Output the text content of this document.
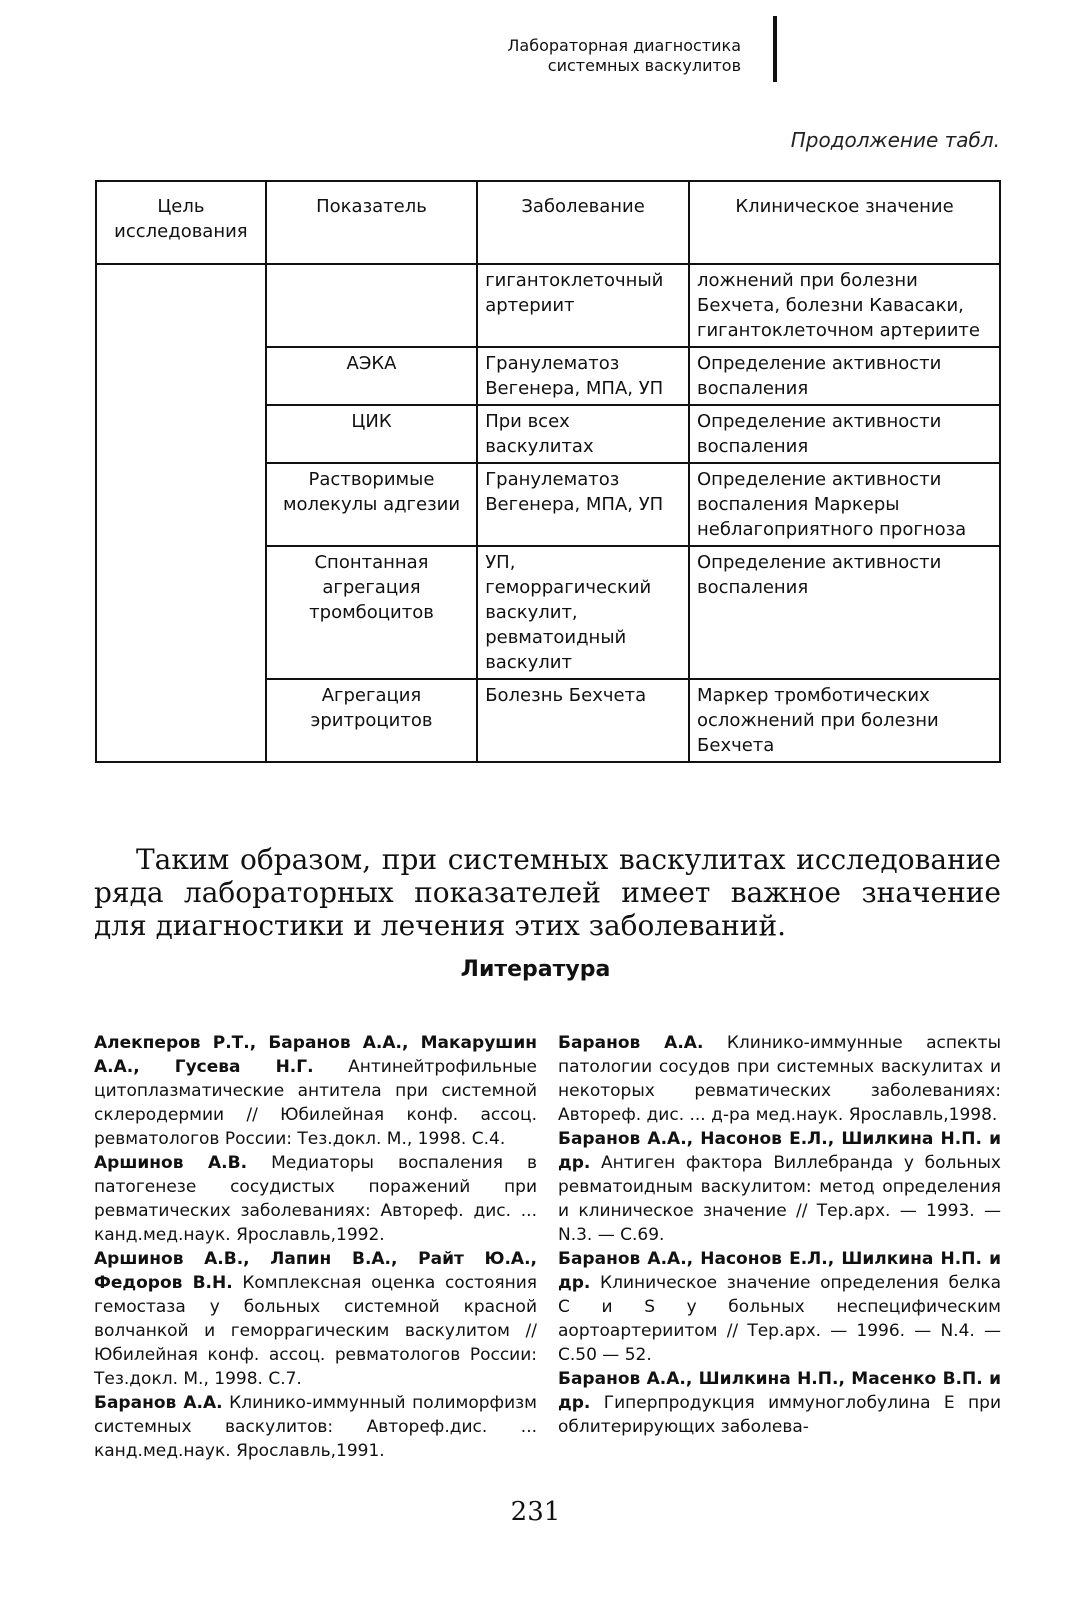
Лабораторная диагностика
системных васкулитов
Продолжение табл.
Цель исследования	Показатель	Заболевание	Клиническое значение
		гигантоклеточный артериит	ложнений при болезни Бехчета, болезни Кавасаки, гигантоклеточном артериите
	АЭКА	Гранулематоз Вегенера, МПА, УП	Определение активности воспаления
	ЦИК	При всех васкулитах	Определение активности воспаления
	Растворимые молекулы адгезии	Гранулематоз Вегенера, МПА, УП	Определение активности воспаления Маркеры неблагоприятного прогноза
	Спонтанная агрегация тромбоцитов	УП, геморрагический васкулит, ревматоидный васкулит	Определение активности воспаления
	Агрегация эритроцитов	Болезнь Бехчета	Маркер тромботических осложнений при болезни Бехчета

Таким образом, при системных васкулитах исследование ряда лабораторных показателей имеет важное значение для диагностики и лечения этих заболеваний.

Литература

Алекперов Р.Т., Баранов А.А., Макарушин А.А., Гусева Н.Г. Антинейтрофильные цитоплазматические антитела при системной склеродермии // Юбилейная конф. ассоц. ревматологов России: Тез.докл. М., 1998. С.4.

Аршинов А.В. Медиаторы воспаления в патогенезе сосудистых поражений при ревматических заболеваниях: Автореф. дис. ... канд.мед.наук. Ярославль,1992.

Аршинов А.В., Лапин В.А., Райт Ю.А., Федоров В.Н. Комплексная оценка состояния гемостаза у больных системной красной волчанкой и геморрагическим васкулитом // Юбилейная конф. ассоц. ревматологов России: Тез.докл. М., 1998. С.7.

Баранов А.А. Клинико-иммунный полиморфизм системных васкулитов: Автореф.дис. ... канд.мед.наук. Ярославль,1991.

Баранов А.А. Клинико-иммунные аспекты патологии сосудов при системных васкулитах и некоторых ревматических заболеваниях: Автореф. дис. ... д-ра мед.наук. Ярославль,1998.

Баранов А.А., Насонов Е.Л., Шилкина Н.П. и др. Антиген фактора Виллебранда у больных ревматоидным васкулитом: метод определения и клиническое значение // Тер.арх. — 1993. — N.3. — С.69.

Баранов А.А., Насонов Е.Л., Шилкина Н.П. и др. Клиническое значение определения белка C и S у больных неспецифическим аортоартериитом // Тер.арх. — 1996. — N.4. — С.50 — 52.

Баранов А.А., Шилкина Н.П., Масенко В.П. и др. Гиперпродукция иммуноглобулина Е при облитерирующих заболева-

231
